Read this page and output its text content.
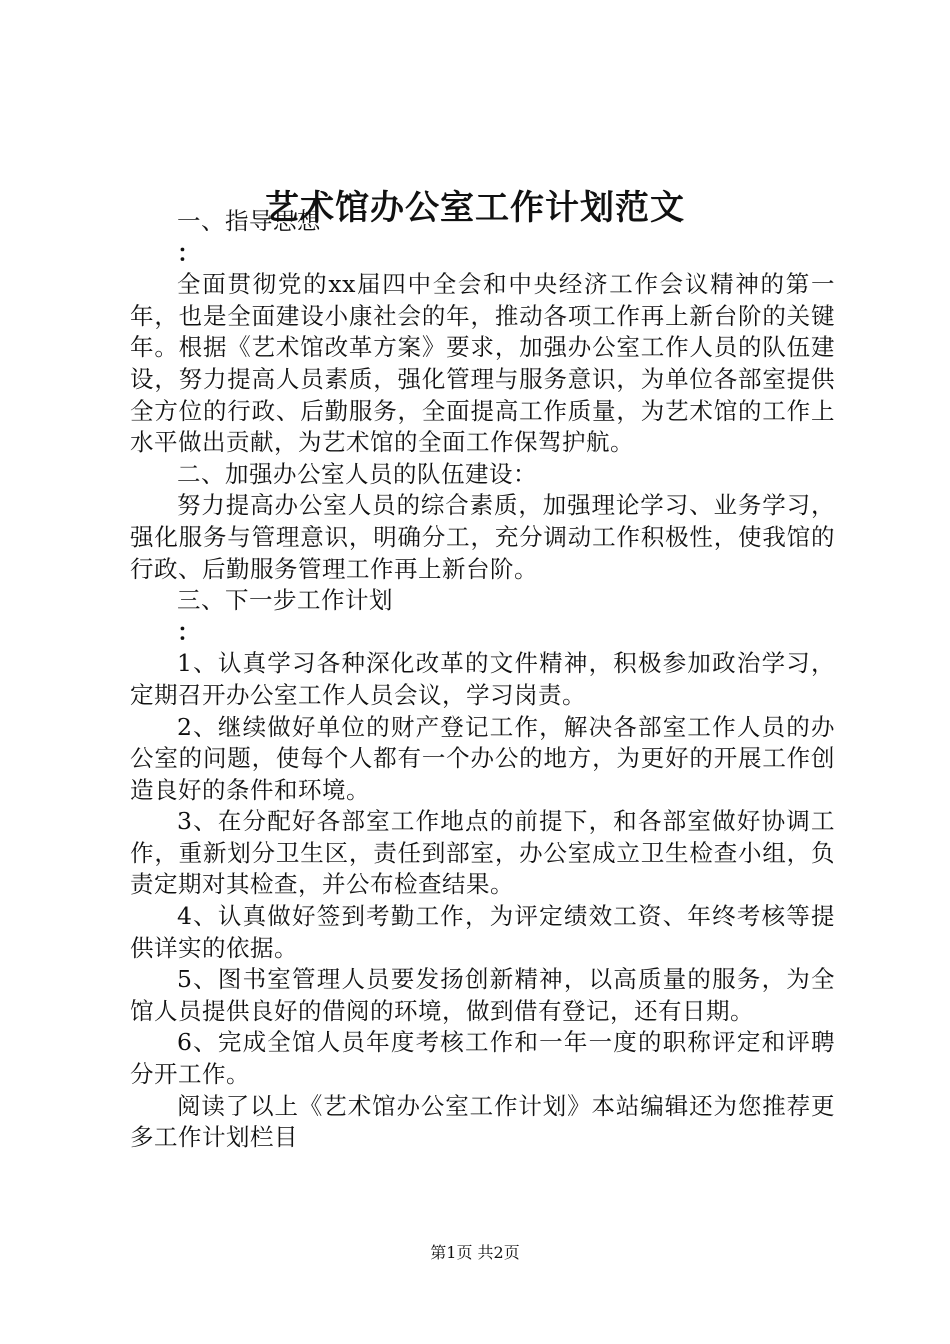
艺术馆办公室工作计划范文

一、指导思想

：

全面贯彻党的xx届四中全会和中央经济工作会议精神的第一年，也是全面建设小康社会的年，推动各项工作再上新台阶的关键年。根据《艺术馆改革方案》要求，加强办公室工作人员的队伍建设，努力提高人员素质，强化管理与服务意识，为单位各部室提供全方位的行政、后勤服务，全面提高工作质量，为艺术馆的工作上水平做出贡献，为艺术馆的全面工作保驾护航。

二、加强办公室人员的队伍建设：

努力提高办公室人员的综合素质，加强理论学习、业务学习，强化服务与管理意识，明确分工，充分调动工作积极性，使我馆的行政、后勤服务管理工作再上新台阶。

三、下一步工作计划

：

1、认真学习各种深化改革的文件精神，积极参加政治学习，定期召开办公室工作人员会议，学习岗责。

2、继续做好单位的财产登记工作，解决各部室工作人员的办公室的问题，使每个人都有一个办公的地方，为更好的开展工作创造良好的条件和环境。

3、在分配好各部室工作地点的前提下，和各部室做好协调工作，重新划分卫生区，责任到部室，办公室成立卫生检查小组，负责定期对其检查，并公布检查结果。

4、认真做好签到考勤工作，为评定绩效工资、年终考核等提供详实的依据。

5、图书室管理人员要发扬创新精神，以高质量的服务，为全馆人员提供良好的借阅的环境，做到借有登记，还有日期。

6、完成全馆人员年度考核工作和一年一度的职称评定和评聘分开工作。

阅读了以上《艺术馆办公室工作计划》本站编辑还为您推荐更多工作计划栏目

第1页 共2页
